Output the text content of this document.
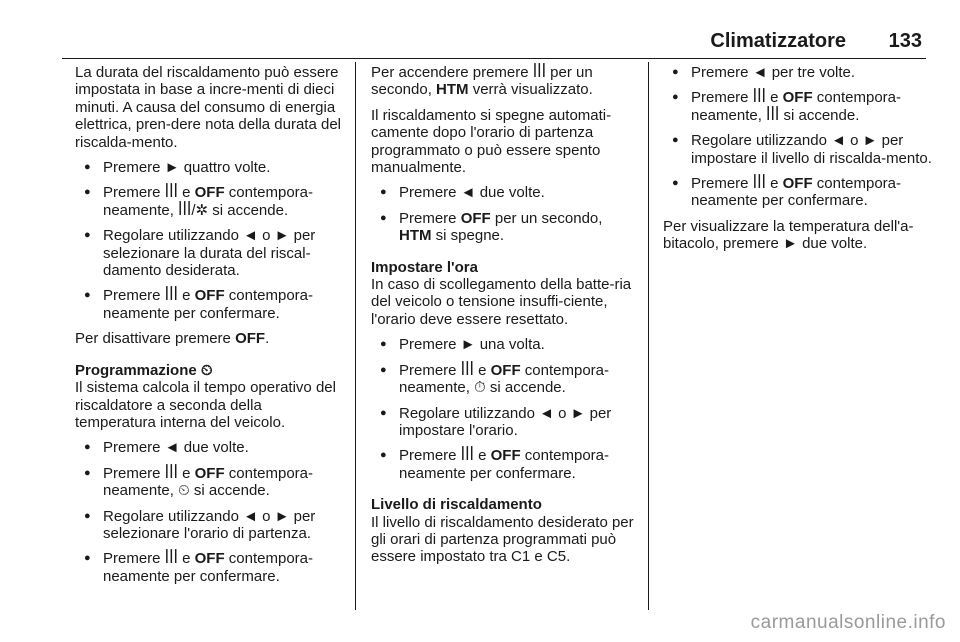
Climatizzatore 133

La durata del riscaldamento può essere impostata in base a incre-menti di dieci minuti. A causa del consumo di energia elettrica, pren-dere nota della durata del riscalda-mento.

● Premere ► quattro volte.
● Premere ꟾꟾꟾ e OFF contempora-neamente, ꟾꟾꟾ/✲ si accende.
● Regolare utilizzando ◄ o ► per selezionare la durata del riscal-damento desiderata.
● Premere ꟾꟾꟾ e OFF contempora-neamente per confermare.

Per disattivare premere OFF.

Programmazione ⏲

Il sistema calcola il tempo operativo del riscaldatore a seconda della temperatura interna del veicolo.

● Premere ◄ due volte.
● Premere ꟾꟾꟾ e OFF contempora-neamente, ⏲ si accende.
● Regolare utilizzando ◄ o ► per selezionare l'orario di partenza.
● Premere ꟾꟾꟾ e OFF contempora-neamente per confermare.

Per accendere premere ꟾꟾꟾ per un secondo, HTM verrà visualizzato.

Il riscaldamento si spegne automati-camente dopo l'orario di partenza programmato o può essere spento manualmente.

● Premere ◄ due volte.
● Premere OFF per un secondo, HTM si spegne.

Impostare l'ora

In caso di scollegamento della batte-ria del veicolo o tensione insuffi-ciente, l'orario deve essere resettato.

● Premere ► una volta.
● Premere ꟾꟾꟾ e OFF contempora-neamente, ⏱ si accende.
● Regolare utilizzando ◄ o ► per impostare l'orario.
● Premere ꟾꟾꟾ e OFF contempora-neamente per confermare.

Livello di riscaldamento

Il livello di riscaldamento desiderato per gli orari di partenza programmati può essere impostato tra C1 e C5.

● Premere ◄ per tre volte.
● Premere ꟾꟾꟾ e OFF contempora-neamente, ꟾꟾꟾ si accende.
● Regolare utilizzando ◄ o ► per impostare il livello di riscalda-mento.
● Premere ꟾꟾꟾ e OFF contempora-neamente per confermare.

Per visualizzare la temperatura dell'a-bitacolo, premere ► due volte.

carmanualsonline.info
